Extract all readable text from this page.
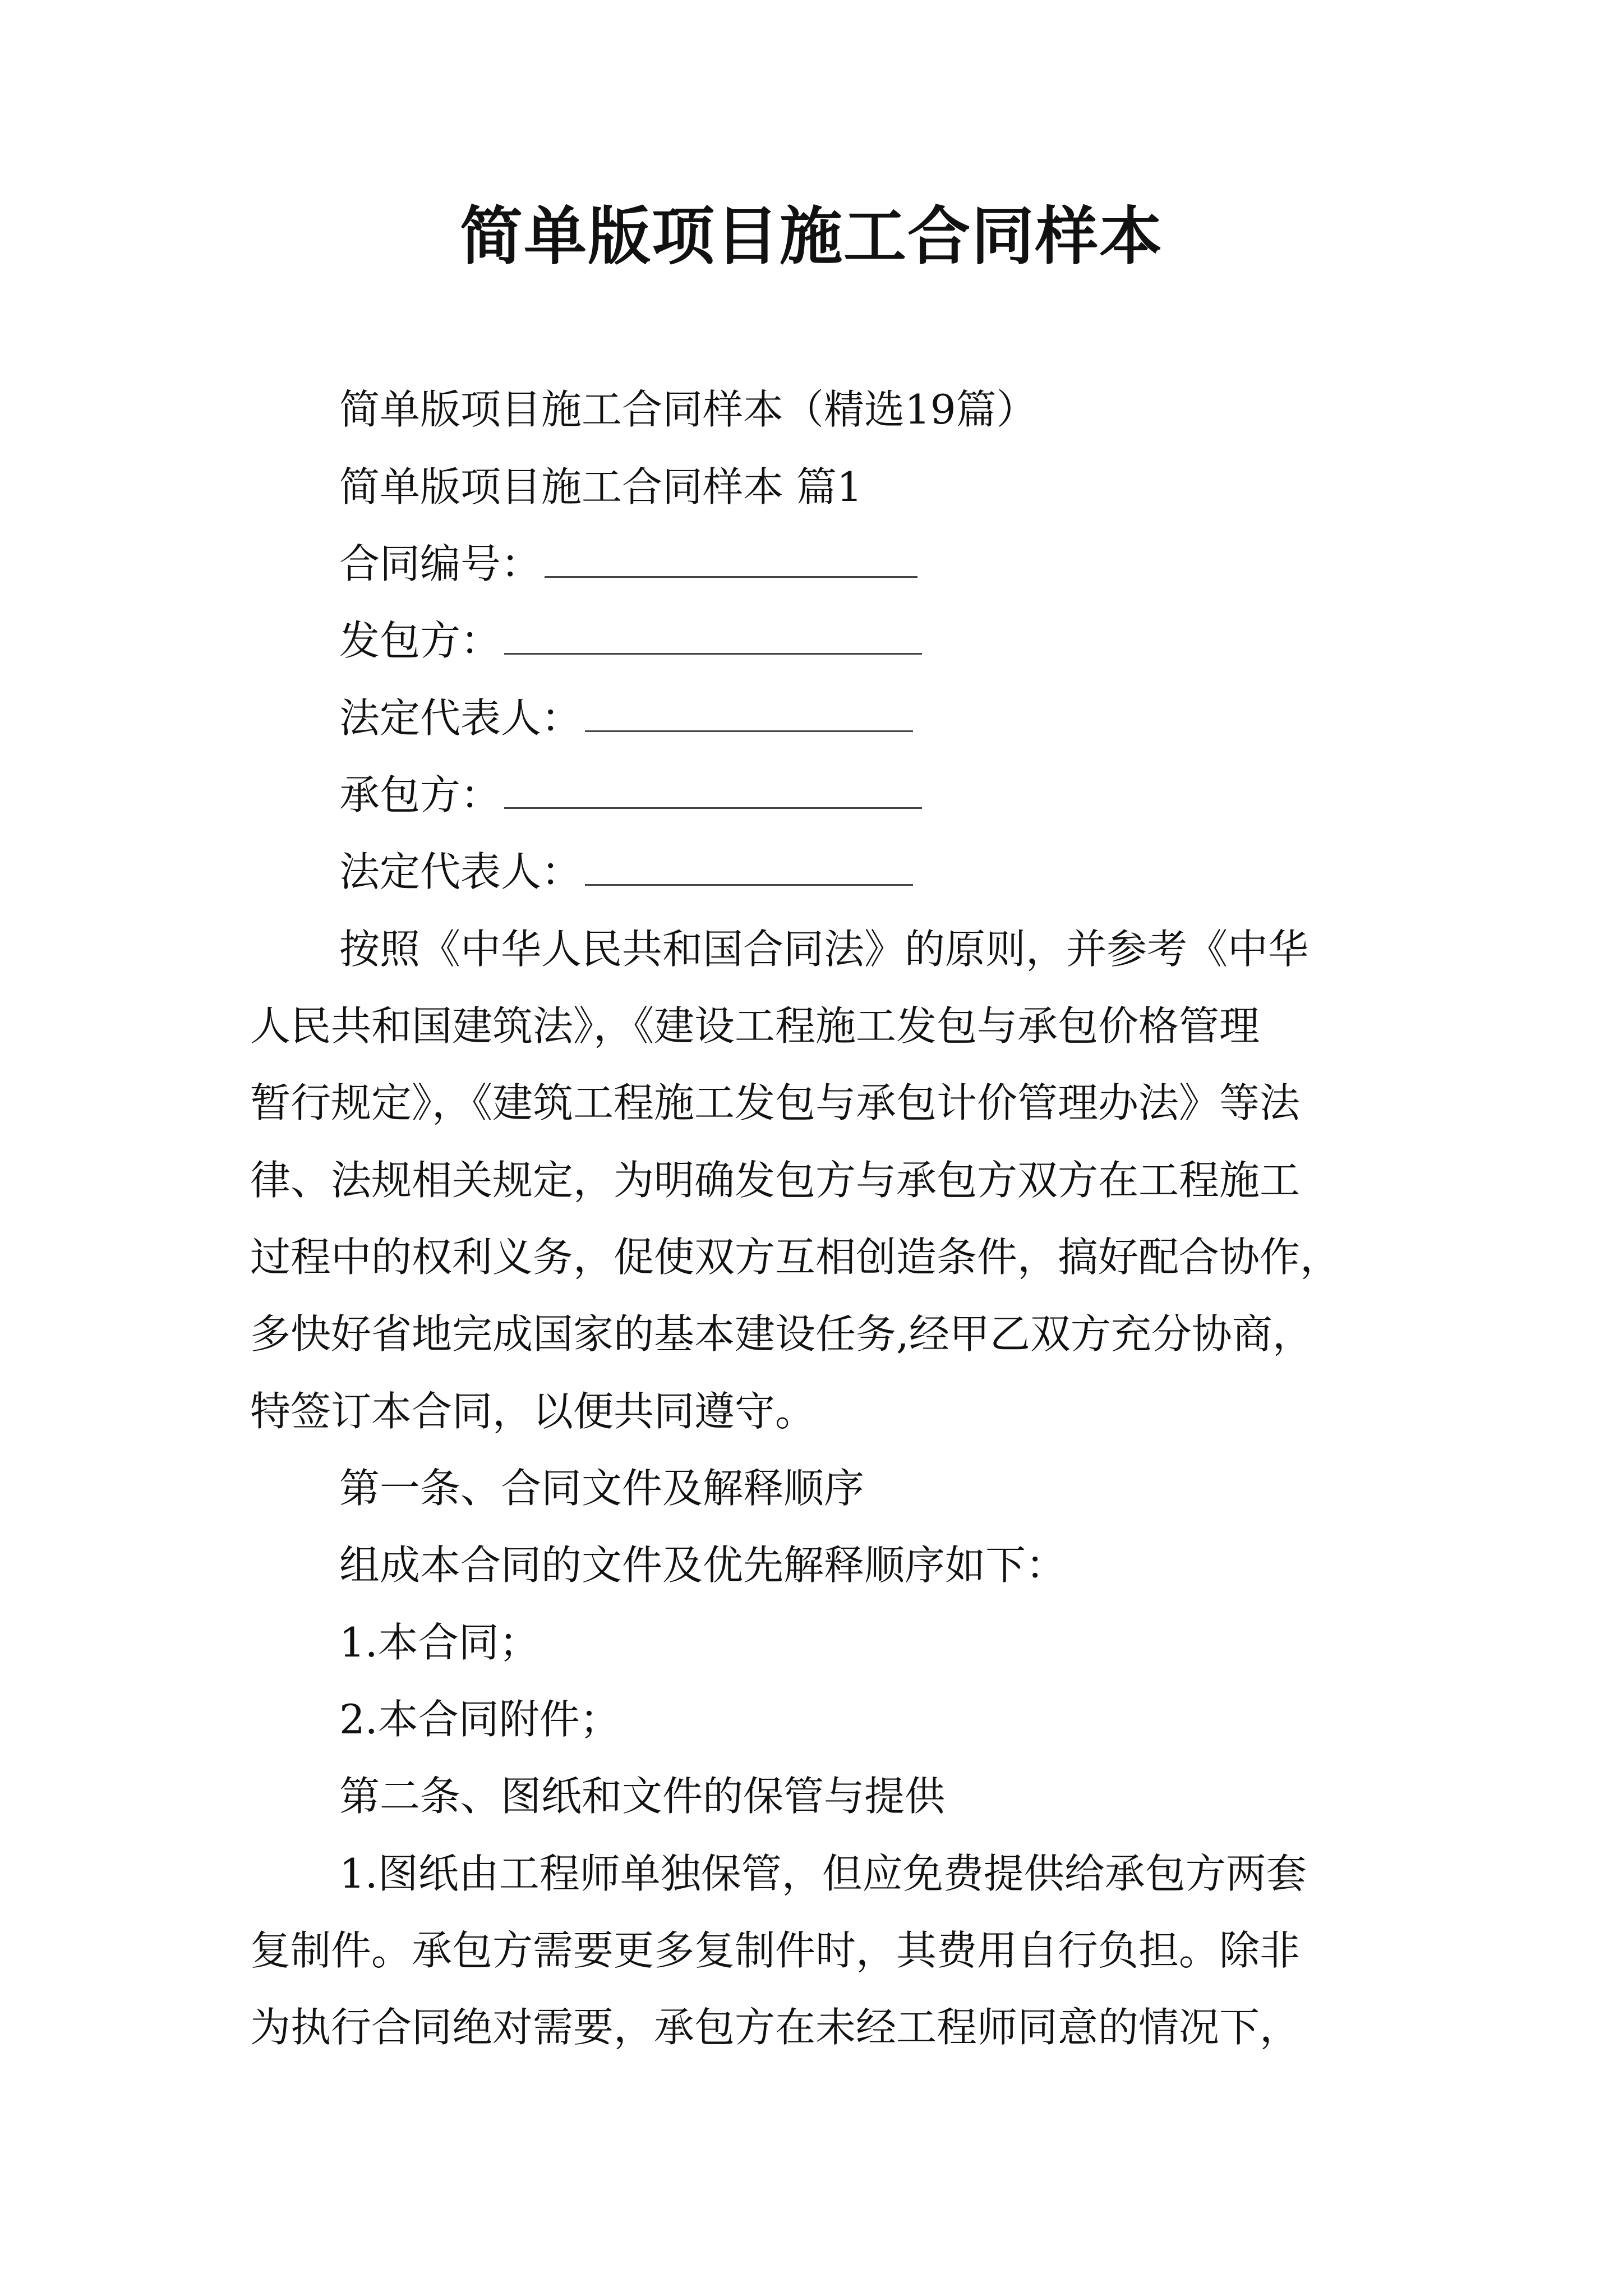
简单版项目施工合同样本

简单版项目施工合同样本（精选19篇）

简单版项目施工合同样本 篇1

合同编号：

发包方：

法定代表人：

承包方：

法定代表人：

按照《中华人民共和国合同法》的原则，并参考《中华

人民共和国建筑法》，《建设工程施工发包与承包价格管理

暂行规定》，《建筑工程施工发包与承包计价管理办法》等法

律、法规相关规定，为明确发包方与承包方双方在工程施工

过程中的权利义务，促使双方互相创造条件，搞好配合协作，

多快好省地完成国家的基本建设任务,经甲乙双方充分协商，

特签订本合同，以便共同遵守。

第一条、合同文件及解释顺序

组成本合同的文件及优先解释顺序如下：

1.本合同；

2.本合同附件；

第二条、图纸和文件的保管与提供

1.图纸由工程师单独保管，但应免费提供给承包方两套

复制件。承包方需要更多复制件时，其费用自行负担。除非

为执行合同绝对需要，承包方在未经工程师同意的情况下，
